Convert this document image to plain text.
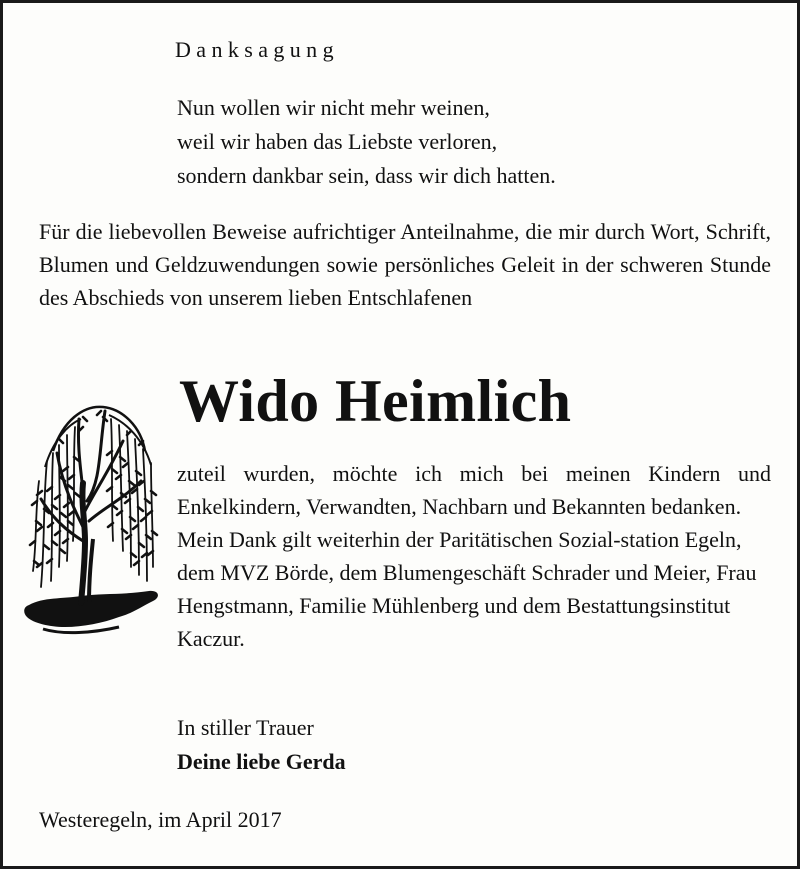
Danksagung
Nun wollen wir nicht mehr weinen,
weil wir haben das Liebste verloren,
sondern dankbar sein, dass wir dich hatten.
Für die liebevollen Beweise aufrichtiger Anteilnahme, die mir durch Wort, Schrift, Blumen und Geldzuwendungen sowie persönliches Geleit in der schweren Stunde des Abschieds von unserem lieben Entschlafenen
Wido Heimlich

zuteil wurden, möchte ich mich bei meinen Kindern und Enkelkindern, Verwandten, Nachbarn und Bekannten bedanken.

Mein Dank gilt weiterhin der Paritätischen Sozial-station Egeln, dem MVZ Börde, dem Blumengeschäft Schrader und Meier, Frau Hengstmann, Familie Mühlenberg und dem Bestattungsinstitut Kaczur.

In stiller Trauer
Deine liebe Gerda
Westeregeln, im April 2017
